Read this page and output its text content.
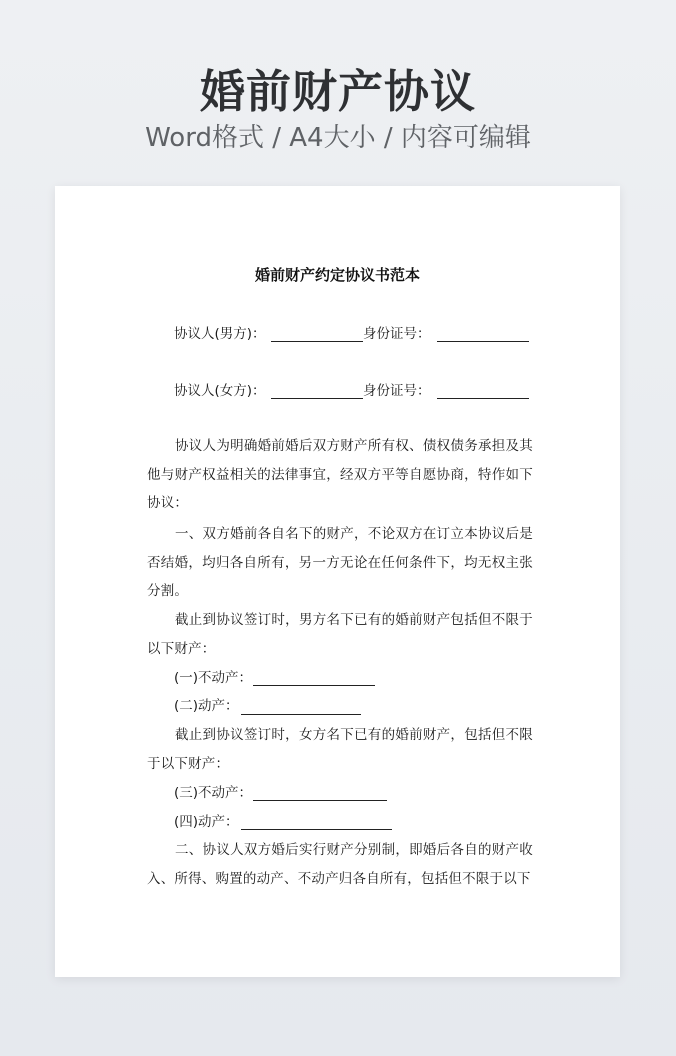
婚前财产协议
Word格式 / A4大小 / 内容可编辑
婚前财产约定协议书范本
协议人(男方)：	身份证号：
协议人(女方)：	身份证号：
协议人为明确婚前婚后双方财产所有权、债权债务承担及其他与财产权益相关的法律事宜，经双方平等自愿协商，特作如下协议：
一、双方婚前各自名下的财产，不论双方在订立本协议后是否结婚，均归各自所有，另一方无论在任何条件下，均无权主张分割。
截止到协议签订时，男方名下已有的婚前财产包括但不限于以下财产：
(一)不动产：
(二)动产：
截止到协议签订时，女方名下已有的婚前财产，包括但不限于以下财产：
(三)不动产：
(四)动产：
二、协议人双方婚后实行财产分别制，即婚后各自的财产收入、所得、购置的动产、不动产归各自所有，包括但不限于以下
